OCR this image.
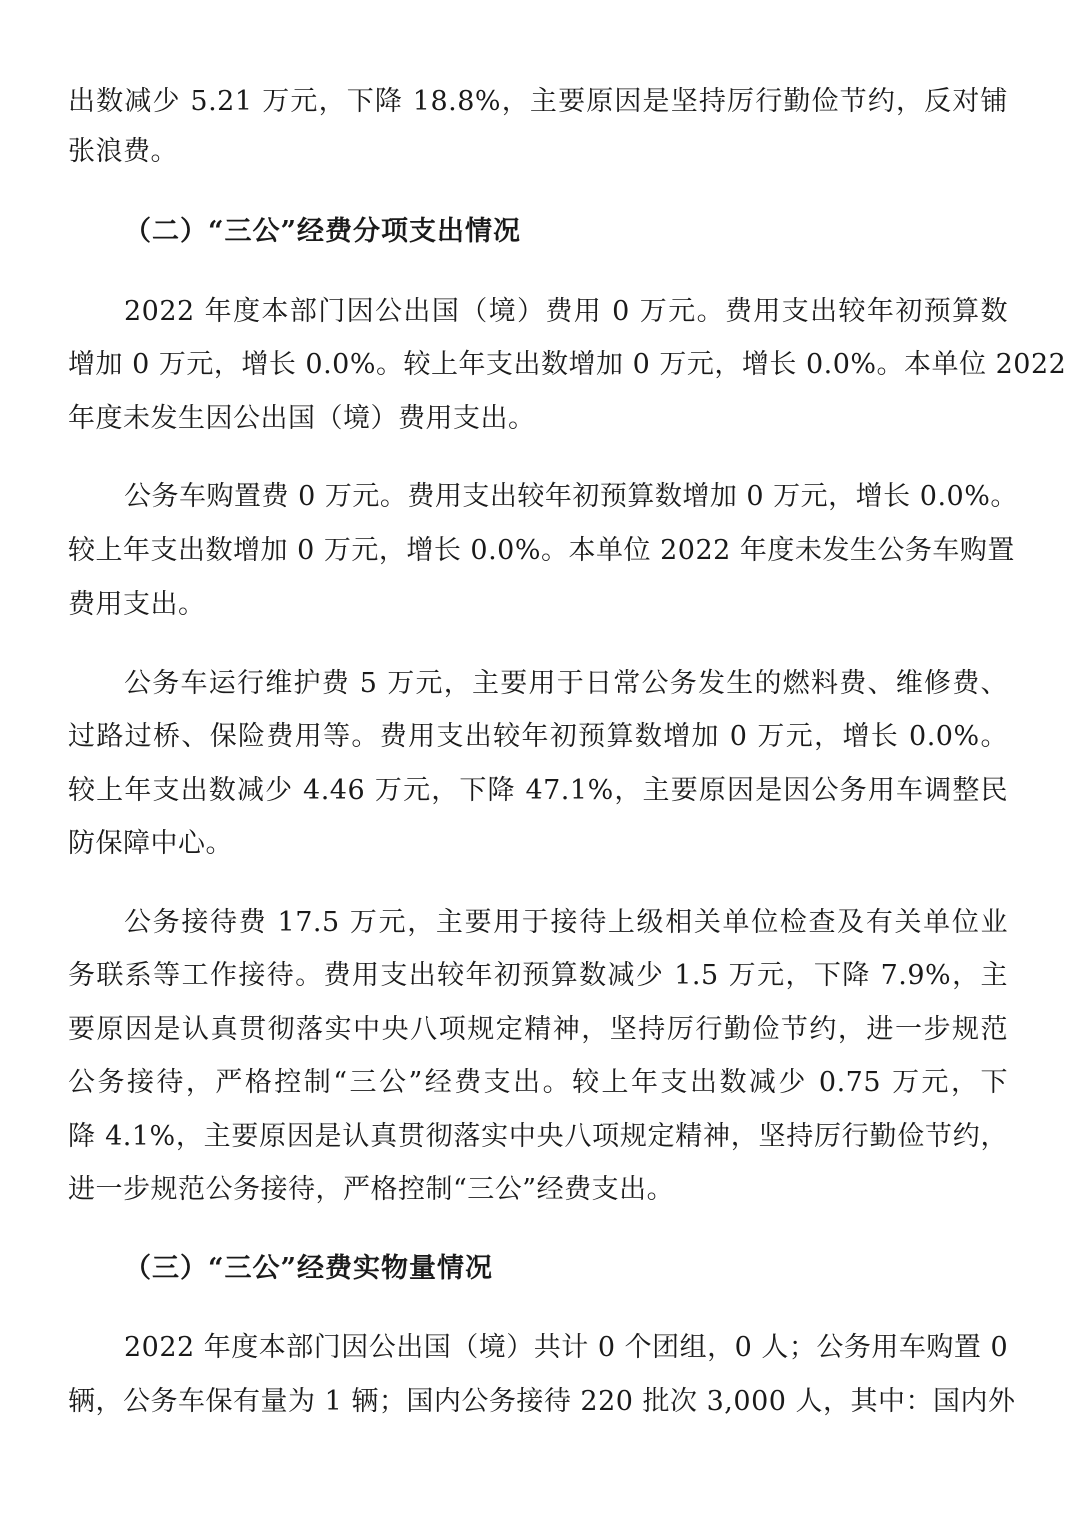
出数减少 5.21 万元，下降 18.8%，主要原因是坚持厉行勤俭节约，反对铺
张浪费。
（二）“三公”经费分项支出情况
2022 年度本部门因公出国（境）费用 0 万元。费用支出较年初预算数
增加 0 万元，增长 0.0%。较上年支出数增加 0 万元，增长 0.0%。本单位 2022
年度未发生因公出国（境）费用支出。
公务车购置费 0 万元。费用支出较年初预算数增加 0 万元，增长 0.0%。
较上年支出数增加 0 万元，增长 0.0%。本单位 2022 年度未发生公务车购置
费用支出。
公务车运行维护费 5 万元，主要用于日常公务发生的燃料费、维修费、
过路过桥、保险费用等。费用支出较年初预算数增加 0 万元，增长 0.0%。
较上年支出数减少 4.46 万元，下降 47.1%，主要原因是因公务用车调整民
防保障中心。
公务接待费 17.5 万元，主要用于接待上级相关单位检查及有关单位业
务联系等工作接待。费用支出较年初预算数减少 1.5 万元，下降 7.9%，主
要原因是认真贯彻落实中央八项规定精神，坚持厉行勤俭节约，进一步规范
公务接待，严格控制“三公”经费支出。较上年支出数减少 0.75 万元，下
降 4.1%，主要原因是认真贯彻落实中央八项规定精神，坚持厉行勤俭节约，
进一步规范公务接待，严格控制“三公”经费支出。
（三）“三公”经费实物量情况
2022 年度本部门因公出国（境）共计 0 个团组，0 人；公务用车购置 0
辆，公务车保有量为 1 辆；国内公务接待 220 批次 3,000 人，其中：国内外
